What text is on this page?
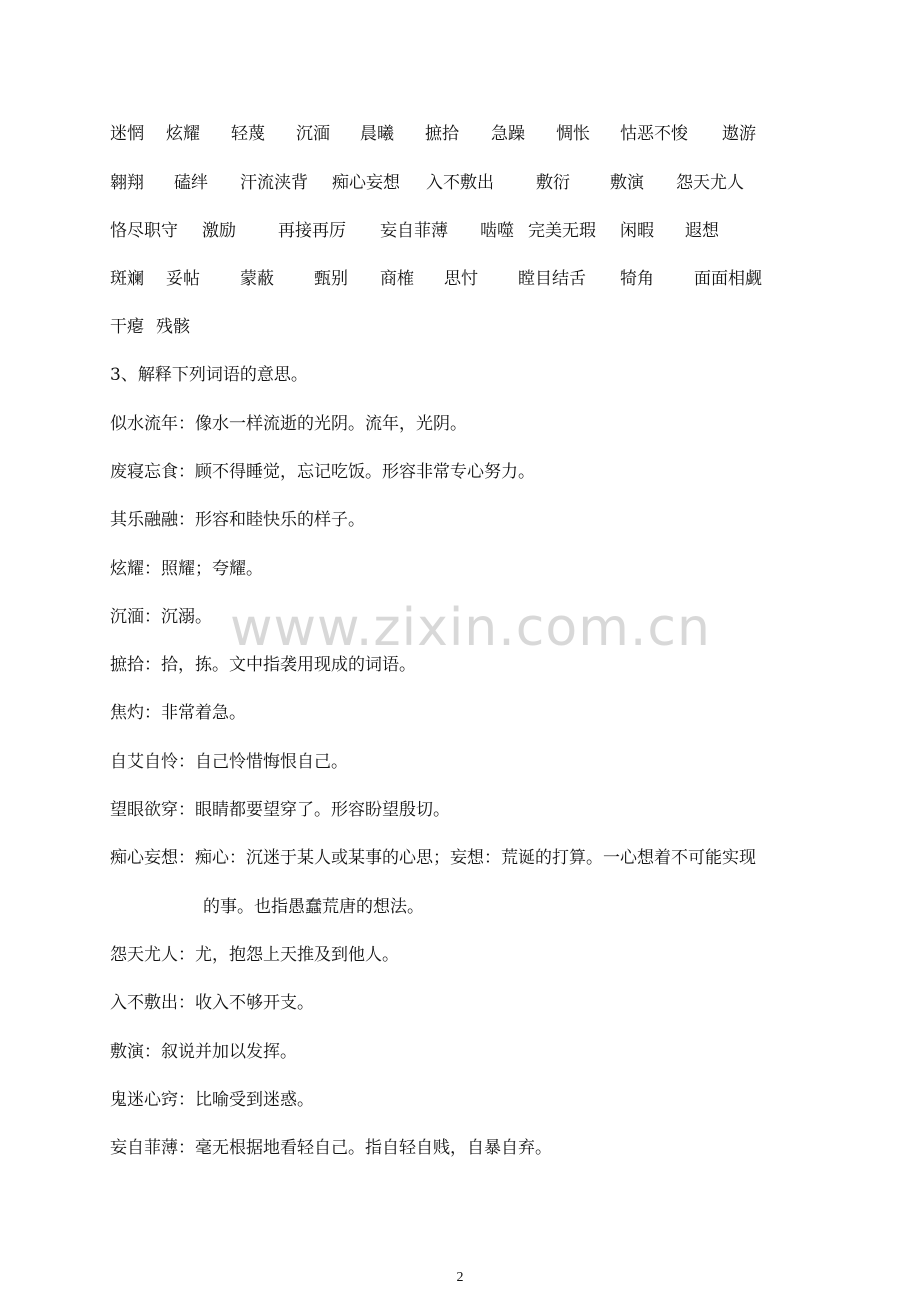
www.zixin.com.cn
迷惘 炫耀 轻蔑 沉湎 晨曦 摭拾 急躁 惆怅 怙恶不悛 遨游
翱翔 磕绊 汗流浃背 痴心妄想 入不敷出 敷衍 敷演 怨天尤人
恪尽职守 激励 再接再厉 妄自菲薄 啮噬 完美无瑕 闲暇 遐想
斑斓 妥帖 蒙蔽 甄别 商榷 思忖 瞠目结舌 犄角 面面相觑
干瘪 残骸
3、解释下列词语的意思。
似水流年：像水一样流逝的光阴。流年，光阴。
废寝忘食：顾不得睡觉，忘记吃饭。形容非常专心努力。
其乐融融：形容和睦快乐的样子。
炫耀：照耀；夸耀。
沉湎：沉溺。
摭拾：拾，拣。文中指袭用现成的词语。
焦灼：非常着急。
自艾自怜：自己怜惜悔恨自己。
望眼欲穿：眼睛都要望穿了。形容盼望殷切。
痴心妄想：痴心：沉迷于某人或某事的心思；妄想：荒诞的打算。一心想着不可能实现
的事。也指愚蠢荒唐的想法。
怨天尤人：尤，抱怨上天推及到他人。
入不敷出：收入不够开支。
敷演：叙说并加以发挥。
鬼迷心窍：比喻受到迷惑。
妄自菲薄：毫无根据地看轻自己。指自轻自贱，自暴自弃。
2
